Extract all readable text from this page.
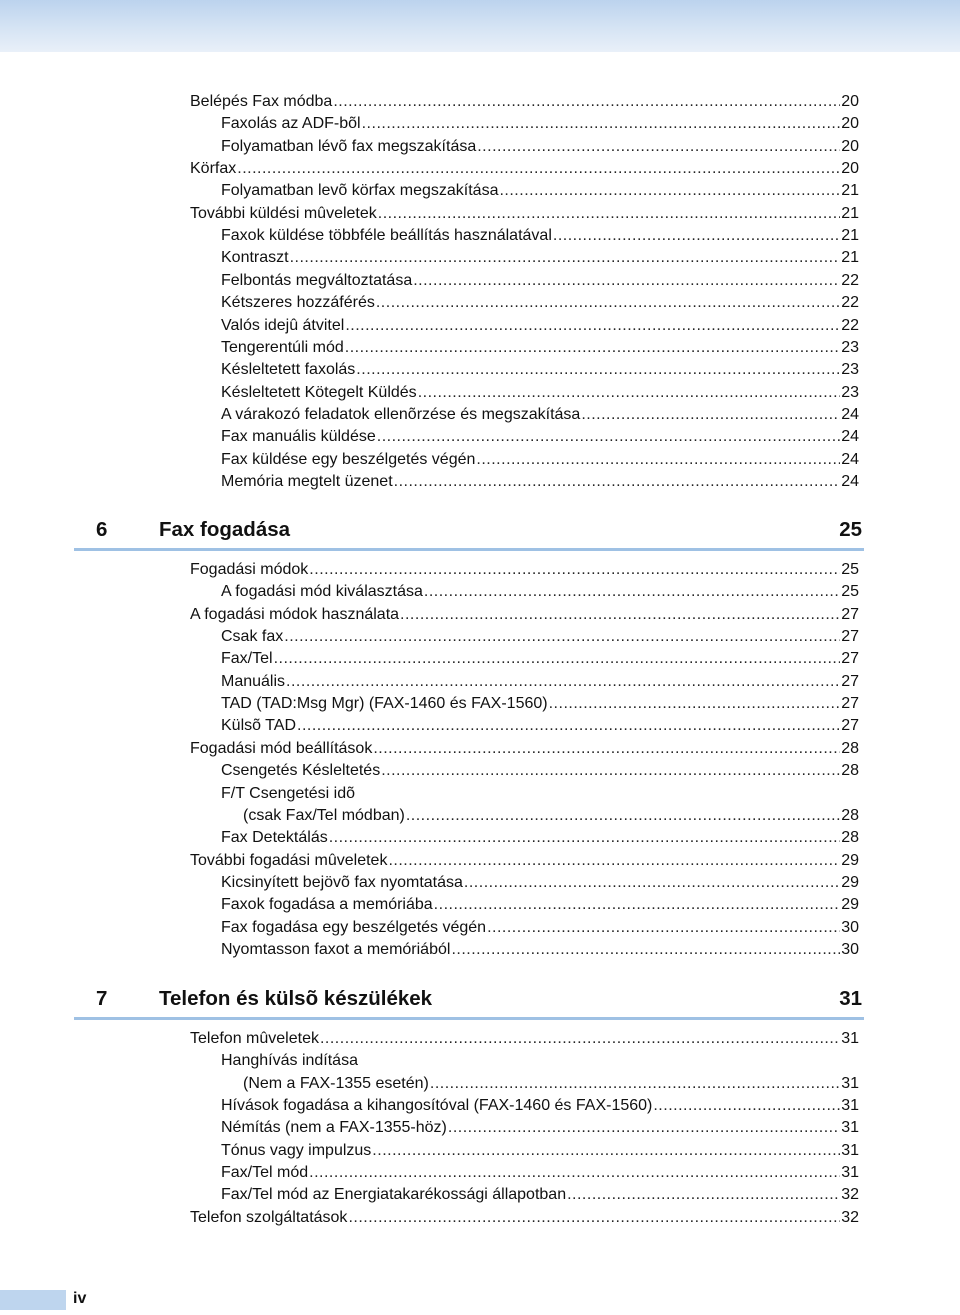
Belépés Fax módba .....	20
Faxolás az ADF-bõl .....	20
Folyamatban lévõ fax megszakítása .....	20
Körfax .....	20
Folyamatban levõ körfax megszakítása .....	21
További küldési mûveletek .....	21
Faxok küldése többféle beállítás használatával .....	21
Kontraszt .....	21
Felbontás megváltoztatása .....	22
Kétszeres hozzáférés .....	22
Valós idejû átvitel .....	22
Tengerentúli mód .....	23
Késleltetett faxolás .....	23
Késleltetett Kötegelt Küldés .....	23
A várakozó feladatok ellenõrzése és megszakítása .....	24
Fax manuális küldése .....	24
Fax küldése egy beszélgetés végén .....	24
Memória megtelt üzenet .....	24
6	Fax fogadása	25
Fogadási módok .....	25
A fogadási mód kiválasztása .....	25
A fogadási módok használata .....	27
Csak fax .....	27
Fax/Tel .....	27
Manuális .....	27
TAD (TAD:Msg Mgr) (FAX-1460 és FAX-1560) .....	27
Külsõ TAD .....	27
Fogadási mód beállítások .....	28
Csengetés Késleltetés .....	28
F/T Csengetési idõ
(csak Fax/Tel módban) .....	28
Fax Detektálás .....	28
További fogadási mûveletek .....	29
Kicsinyített bejövõ fax nyomtatása .....	29
Faxok fogadása a memóriába .....	29
Fax fogadása egy beszélgetés végén .....	30
Nyomtasson faxot a memóriából .....	30
7	Telefon és külsõ készülékek	31
Telefon mûveletek .....	31
Hanghívás indítása
(Nem a FAX-1355 esetén) .....	31
Hívások fogadása a kihangosítóval (FAX-1460 és FAX-1560) .....	31
Némítás (nem a FAX-1355-höz) .....	31
Tónus vagy impulzus .....	31
Fax/Tel mód .....	31
Fax/Tel mód az Energiatakarékossági állapotban .....	32
Telefon szolgáltatások .....	32
iv
